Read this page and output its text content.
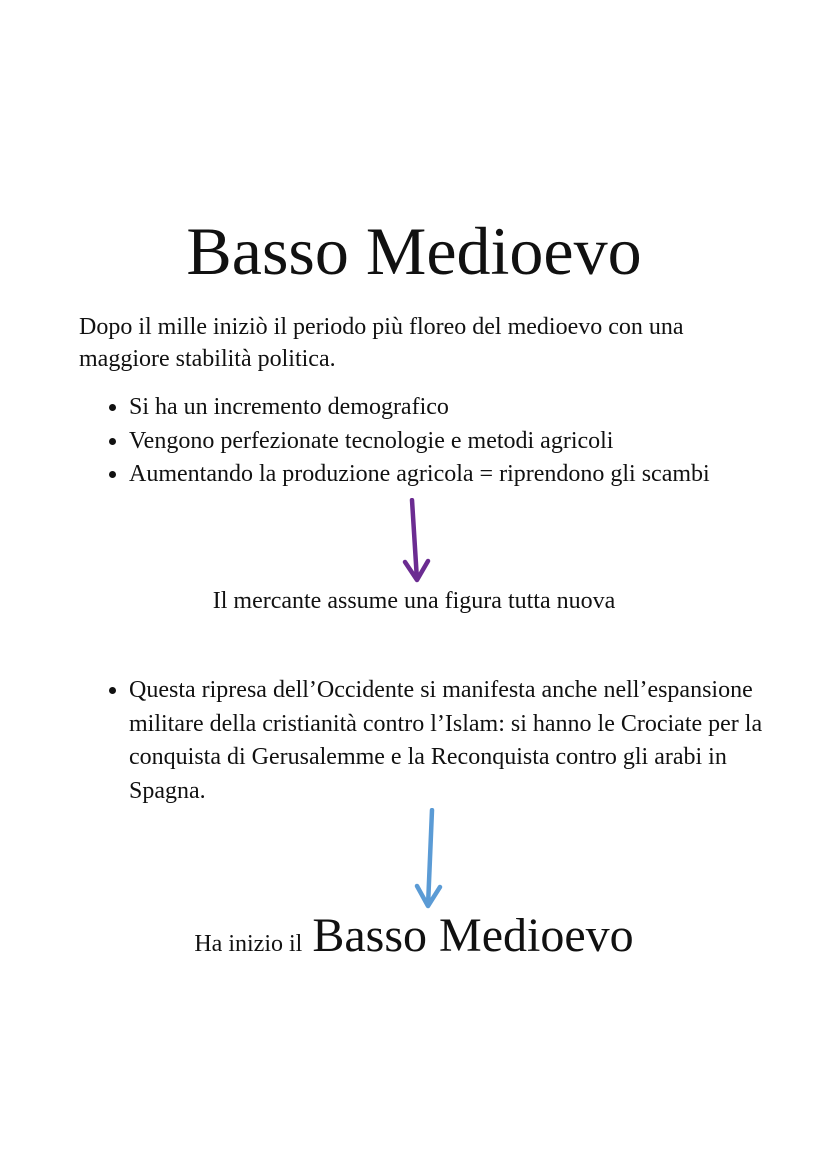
Basso Medioevo

Dopo il mille iniziò il periodo più floreo del medioevo con una maggiore stabilità politica.

• Si ha un incremento demografico
• Vengono perfezionate tecnologie e metodi agricoli
• Aumentando la produzione agricola = riprendono gli scambi

Il mercante assume una figura tutta nuova

• Questa ripresa dell’Occidente si manifesta anche nell’espansione militare della cristianità contro l’Islam: si hanno le Crociate per la conquista di Gerusalemme e la Reconquista contro gli arabi in Spagna.

Ha inizio il Basso Medioevo
